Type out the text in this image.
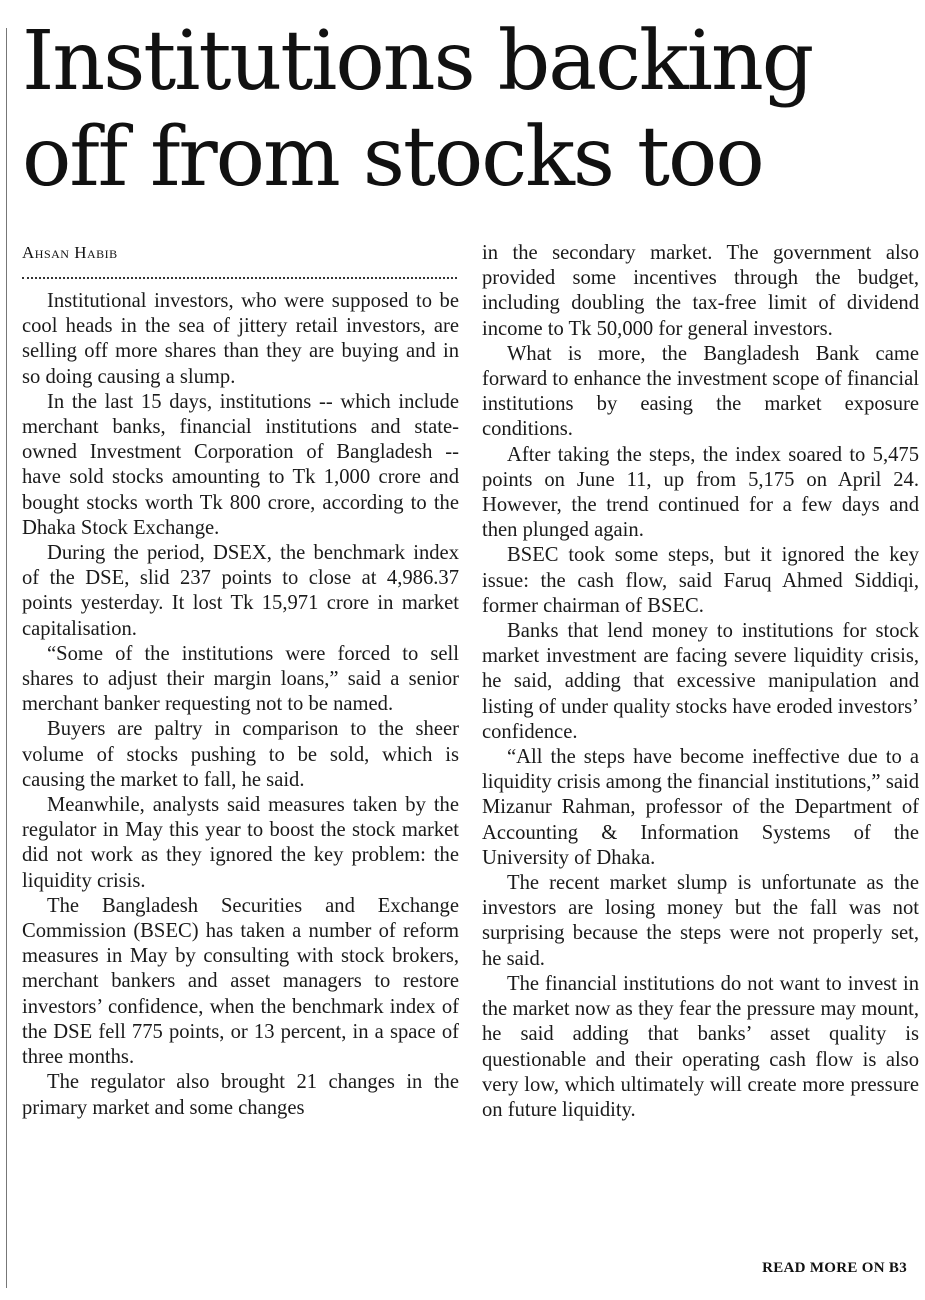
Institutions backing off from stocks too
Ahsan Habib

Institutional investors, who were supposed to be cool heads in the sea of jittery retail investors, are selling off more shares than they are buying and in so doing causing a slump.

In the last 15 days, institutions -- which include merchant banks, financial institutions and state-owned Investment Corporation of Bangladesh -- have sold stocks amounting to Tk 1,000 crore and bought stocks worth Tk 800 crore, according to the Dhaka Stock Exchange.

During the period, DSEX, the benchmark index of the DSE, slid 237 points to close at 4,986.37 points yesterday. It lost Tk 15,971 crore in market capitalisation.

“Some of the institutions were forced to sell shares to adjust their margin loans,” said a senior merchant banker requesting not to be named.

Buyers are paltry in comparison to the sheer volume of stocks pushing to be sold, which is causing the market to fall, he said.

Meanwhile, analysts said measures taken by the regulator in May this year to boost the stock market did not work as they ignored the key problem: the liquidity crisis.

The Bangladesh Securities and Exchange Commission (BSEC) has taken a number of reform measures in May by consulting with stock brokers, merchant bankers and asset managers to restore investors’ confidence, when the benchmark index of the DSE fell 775 points, or 13 percent, in a space of three months.

The regulator also brought 21 changes in the primary market and some changes

in the secondary market. The government also provided some incentives through the budget, including doubling the tax-free limit of dividend income to Tk 50,000 for general investors.

What is more, the Bangladesh Bank came forward to enhance the investment scope of financial institutions by easing the market exposure conditions.

After taking the steps, the index soared to 5,475 points on June 11, up from 5,175 on April 24. However, the trend continued for a few days and then plunged again.

BSEC took some steps, but it ignored the key issue: the cash flow, said Faruq Ahmed Siddiqi, former chairman of BSEC.

Banks that lend money to institutions for stock market investment are facing severe liquidity crisis, he said, adding that excessive manipulation and listing of under quality stocks have eroded investors’ confidence.

“All the steps have become ineffective due to a liquidity crisis among the financial institutions,” said Mizanur Rahman, professor of the Department of Accounting & Information Systems of the University of Dhaka.

The recent market slump is unfortunate as the investors are losing money but the fall was not surprising because the steps were not properly set, he said.

The financial institutions do not want to invest in the market now as they fear the pressure may mount, he said adding that banks’ asset quality is questionable and their operating cash flow is also very low, which ultimately will create more pressure on future liquidity.

READ MORE ON B3
